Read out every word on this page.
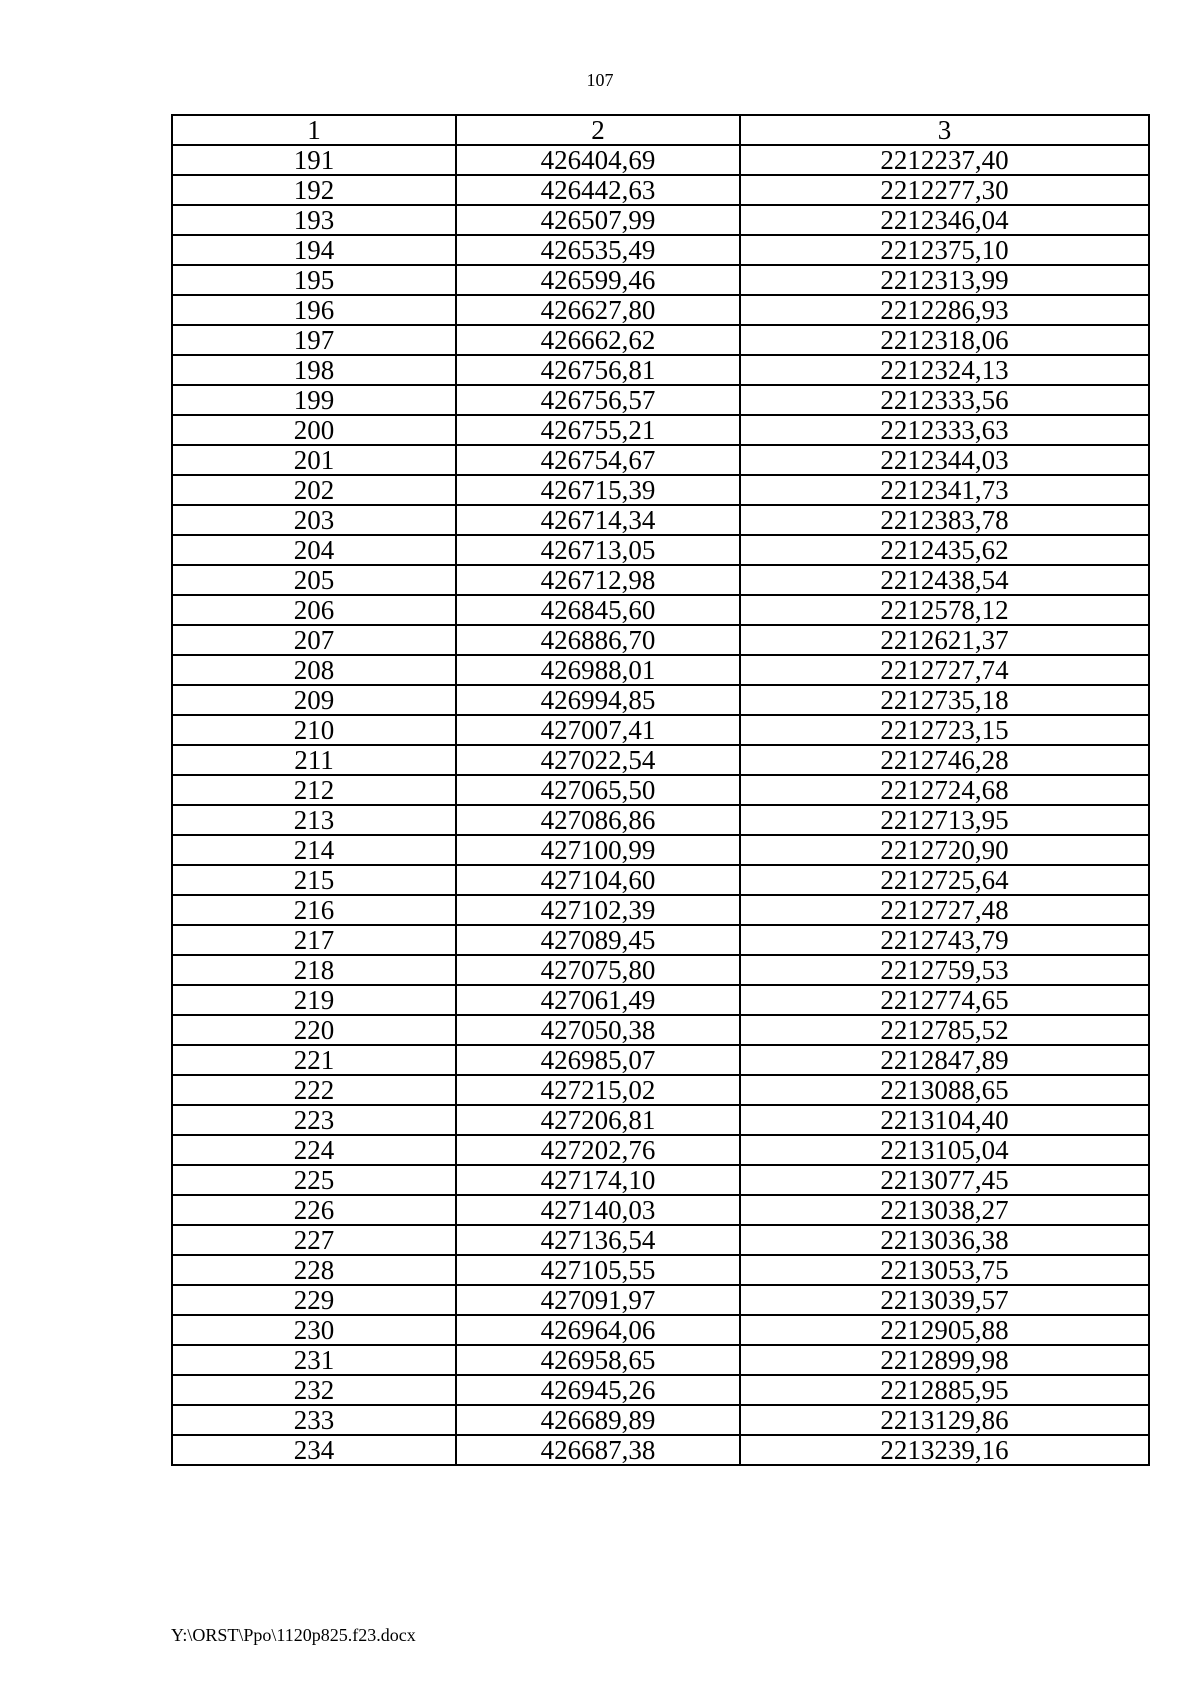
107
1	2	3
191	426404,69	2212237,40
192	426442,63	2212277,30
193	426507,99	2212346,04
194	426535,49	2212375,10
195	426599,46	2212313,99
196	426627,80	2212286,93
197	426662,62	2212318,06
198	426756,81	2212324,13
199	426756,57	2212333,56
200	426755,21	2212333,63
201	426754,67	2212344,03
202	426715,39	2212341,73
203	426714,34	2212383,78
204	426713,05	2212435,62
205	426712,98	2212438,54
206	426845,60	2212578,12
207	426886,70	2212621,37
208	426988,01	2212727,74
209	426994,85	2212735,18
210	427007,41	2212723,15
211	427022,54	2212746,28
212	427065,50	2212724,68
213	427086,86	2212713,95
214	427100,99	2212720,90
215	427104,60	2212725,64
216	427102,39	2212727,48
217	427089,45	2212743,79
218	427075,80	2212759,53
219	427061,49	2212774,65
220	427050,38	2212785,52
221	426985,07	2212847,89
222	427215,02	2213088,65
223	427206,81	2213104,40
224	427202,76	2213105,04
225	427174,10	2213077,45
226	427140,03	2213038,27
227	427136,54	2213036,38
228	427105,55	2213053,75
229	427091,97	2213039,57
230	426964,06	2212905,88
231	426958,65	2212899,98
232	426945,26	2212885,95
233	426689,89	2213129,86
234	426687,38	2213239,16
Y:\ORST\Ppo\1120p825.f23.docx
